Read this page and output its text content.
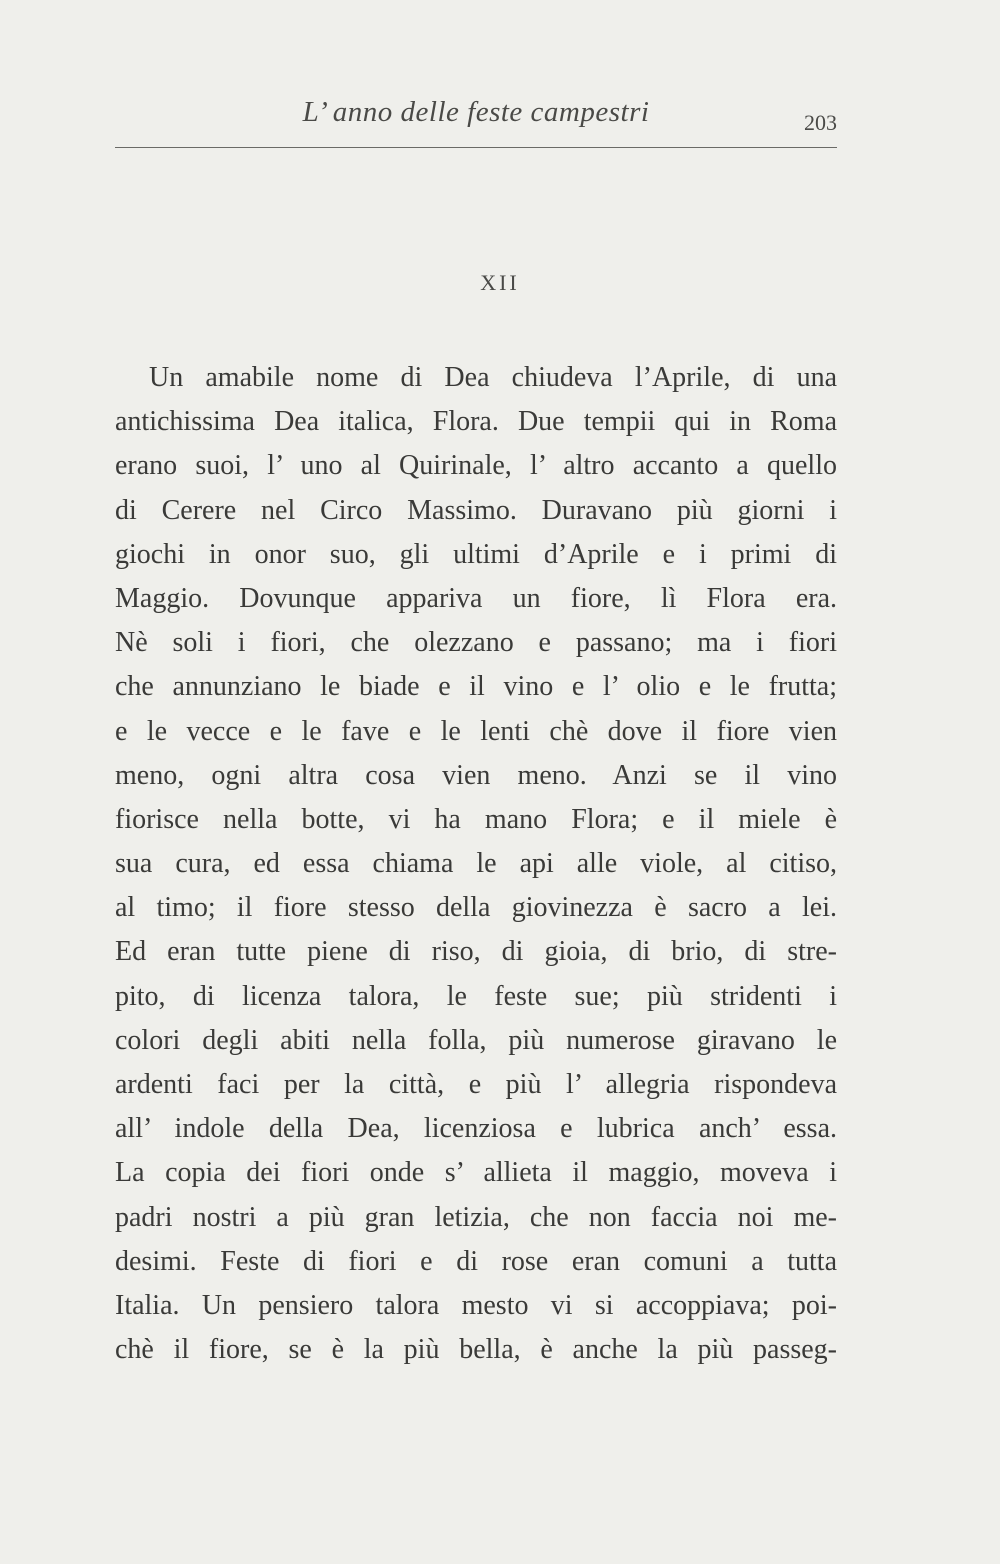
L’ anno delle feste campestri	203
XII
Un amabile nome di Dea chiudeva l’Aprile, di una
antichissima Dea italica, Flora. Due tempii qui in Roma
erano suoi, l’ uno al Quirinale, l’ altro accanto a quello
di Cerere nel Circo Massimo. Duravano più giorni i
giochi in onor suo, gli ultimi d’Aprile e i primi di
Maggio. Dovunque appariva un fiore, lì Flora era.
Nè soli i fiori, che olezzano e passano; ma i fiori
che annunziano le biade e il vino e l’ olio e le frutta;
e le vecce e le fave e le lenti chè dove il fiore vien
meno, ogni altra cosa vien meno. Anzi se il vino
fiorisce nella botte, vi ha mano Flora; e il miele è
sua cura, ed essa chiama le api alle viole, al citiso,
al timo; il fiore stesso della giovinezza è sacro a lei.
Ed eran tutte piene di riso, di gioia, di brio, di stre-
pito, di licenza talora, le feste sue; più stridenti i
colori degli abiti nella folla, più numerose giravano le
ardenti faci per la città, e più l’ allegria rispondeva
all’ indole della Dea, licenziosa e lubrica anch’ essa.
La copia dei fiori onde s’ allieta il maggio, moveva i
padri nostri a più gran letizia, che non faccia noi me-
desimi. Feste di fiori e di rose eran comuni a tutta
Italia. Un pensiero talora mesto vi si accoppiava; poi-
chè il fiore, se è la più bella, è anche la più passeg-
